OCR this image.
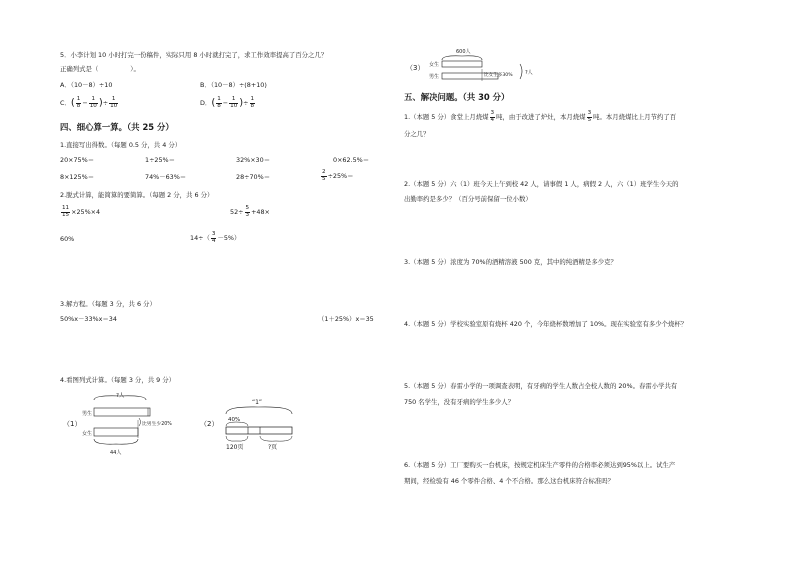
5．小李计划 10 小时打完一份稿件，实际只用 8 小时就打完了，求工作效率提高了百分之几？
正确列式是（　　　　　）。
A．（10－8）÷10	B．（10－8）÷(8+10)
C．( $\frac{1}{8} - \frac{1}{10}$ )÷ $\frac{1}{10}$	D．( $\frac{1}{8} - \frac{1}{10}$ )÷ $\frac{1}{8}$
四、细心算一算。（共 25 分）
1.直接写出得数。（每题 0.5 分，共 4 分）
20×75%＝	1÷25%＝	32%×30＝	0×62.5%＝
8×125%＝	74%－63%＝	28÷70%＝	$\frac{2}{5} \div 25\%=$
2.脱式计算，能简算的要简算。（每题 2 分，共 6 分）
$\frac{11}{15} \times 25\%\times 4$	$52\div \frac{5}{3} +48\times$
60%	$14\div( \frac{3}{4} -5\%)$
3.解方程。（每题 3 分，共 6 分）
50%x－33%x＝34	（1＋25%）x＝35
4.看图列式计算。（每题 3 分，共 9 分）
（1）
?人
男生
女生
比男生少20%
44人
（2）
“1”
40%
120页	?页
（3）
600人
女生
男生	比女生多30% ?人
五、解决问题。（共 30 分）
1.（本题 5 分）食堂上月烧煤 $\frac{3}{4}$ 吨，由于改进了炉灶，本月烧煤 $\frac{3}{5}$ 吨。本月烧煤比上月节约了百
分之几？
2.（本题 5 分）六（1）班今天上午到校 42 人，请事假 1 人，病假 2 人，六（1）班学生今天的
出勤率约是多少？（百分号前保留一位小数）
3.（本题 5 分）浓度为 70%的酒精溶液 500 克，其中的纯酒精是多少克？
4.（本题 5 分）学校实验室原有烧杯 420 个，今年烧杯数增加了 10%。现在实验室有多少个烧杯？
5.（本题 5 分）春雷小学的一项调查表明，有牙病的学生人数占全校人数的 20%。春雷小学共有
750 名学生，没有牙病的学生多少人？
6.（本题 5 分）工厂要购买一台机床，按规定机床生产零件的合格率必须达到95%以上。试生产
期间，经检验有 46 个零件合格、4 个不合格。那么这台机床符合标准吗？
